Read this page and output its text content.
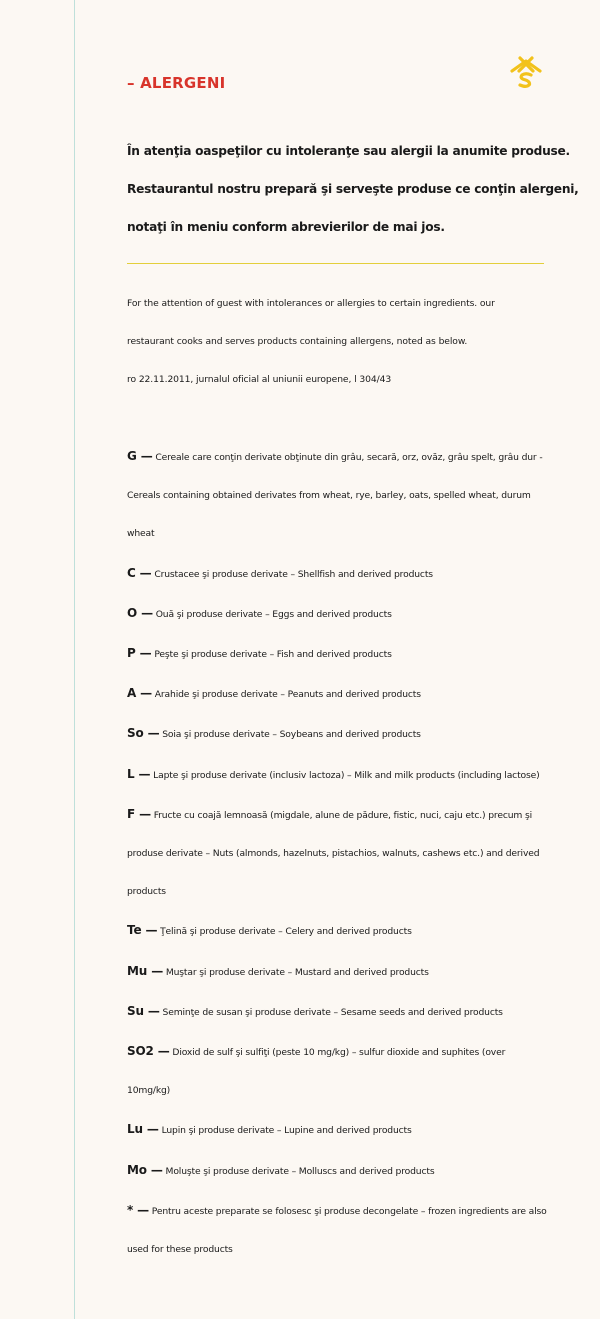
– ALERGENI

În atenţia oaspeţilor cu intoleranţe sau alergii la anumite produse.

Restaurantul nostru prepară şi serveşte produse ce conţin alergeni,

notaţi în meniu conform abrevierilor de mai jos.

For the attention of guest with intolerances or allergies to certain ingredients. our

restaurant cooks and serves products containing allergens, noted as below.

ro 22.11.2011, jurnalul oficial al uniunii europene, l 304/43

G — Cereale care conţin derivate obţinute din grâu, secară, orz, ovăz, grâu spelt, grâu dur - Cereals containing obtained derivates from wheat, rye, barley, oats, spelled wheat, durum wheat

C — Crustacee şi produse derivate – Shellfish and derived products

O — Ouă şi produse derivate – Eggs and derived products

P — Peşte şi produse derivate – Fish and derived products

A — Arahide şi produse derivate – Peanuts and derived products

So — Soia şi produse derivate – Soybeans and derived products

L — Lapte şi produse derivate (inclusiv lactoza) – Milk and milk products (including lactose)

F — Fructe cu coajă lemnoasă (migdale, alune de pădure, fistic, nuci, caju etc.) precum şi produse derivate – Nuts (almonds, hazelnuts, pistachios, walnuts, cashews etc.) and derived products

Te — Ţelină şi produse derivate – Celery and derived products

Mu — Muştar şi produse derivate – Mustard and derived products

Su — Seminţe de susan şi produse derivate – Sesame seeds and derived products

SO2 — Dioxid de sulf şi sulfiţi (peste 10 mg/kg) – sulfur dioxide and suphites (over 10mg/kg)

Lu — Lupin şi produse derivate – Lupine and derived products

Mo — Moluşte şi produse derivate – Molluscs and derived products

* — Pentru aceste preparate se folosesc şi produse decongelate – frozen ingredients are also used for these products
